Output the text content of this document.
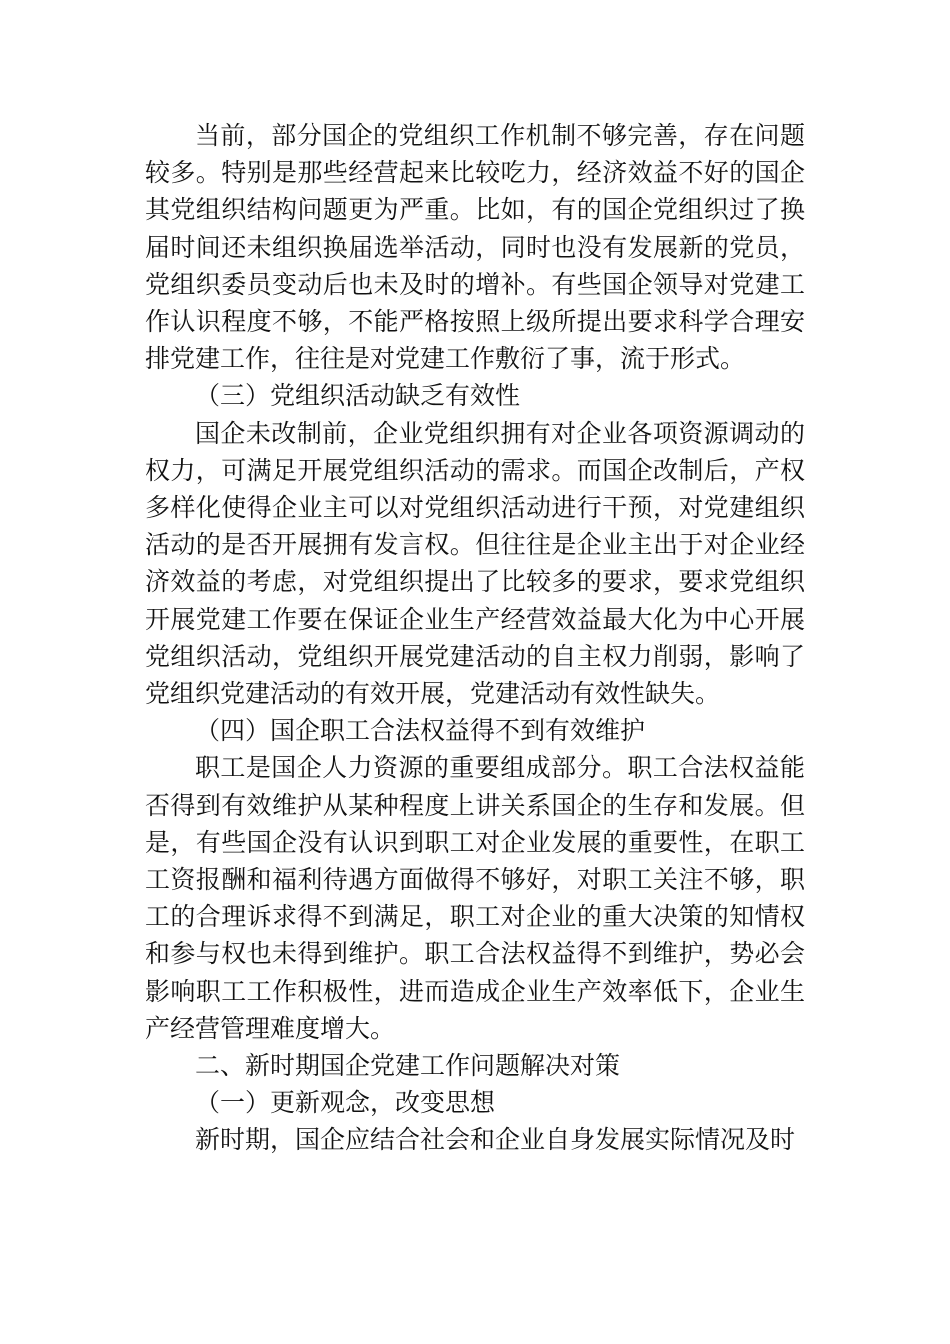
当前，部分国企的党组织工作机制不够完善，存在问题较多。特别是那些经营起来比较吃力，经济效益不好的国企其党组织结构问题更为严重。比如，有的国企党组织过了换届时间还未组织换届选举活动，同时也没有发展新的党员，党组织委员变动后也未及时的增补。有些国企领导对党建工作认识程度不够，不能严格按照上级所提出要求科学合理安排党建工作，往往是对党建工作敷衍了事，流于形式。

（三）党组织活动缺乏有效性

国企未改制前，企业党组织拥有对企业各项资源调动的权力，可满足开展党组织活动的需求。而国企改制后，产权多样化使得企业主可以对党组织活动进行干预，对党建组织活动的是否开展拥有发言权。但往往是企业主出于对企业经济效益的考虑，对党组织提出了比较多的要求，要求党组织开展党建工作要在保证企业生产经营效益最大化为中心开展党组织活动，党组织开展党建活动的自主权力削弱，影响了党组织党建活动的有效开展，党建活动有效性缺失。

（四）国企职工合法权益得不到有效维护

职工是国企人力资源的重要组成部分。职工合法权益能否得到有效维护从某种程度上讲关系国企的生存和发展。但是，有些国企没有认识到职工对企业发展的重要性，在职工工资报酬和福利待遇方面做得不够好，对职工关注不够，职工的合理诉求得不到满足，职工对企业的重大决策的知情权和参与权也未得到维护。职工合法权益得不到维护，势必会影响职工工作积极性，进而造成企业生产效率低下，企业生产经营管理难度增大。

二、新时期国企党建工作问题解决对策

（一）更新观念，改变思想

新时期，国企应结合社会和企业自身发展实际情况及时
